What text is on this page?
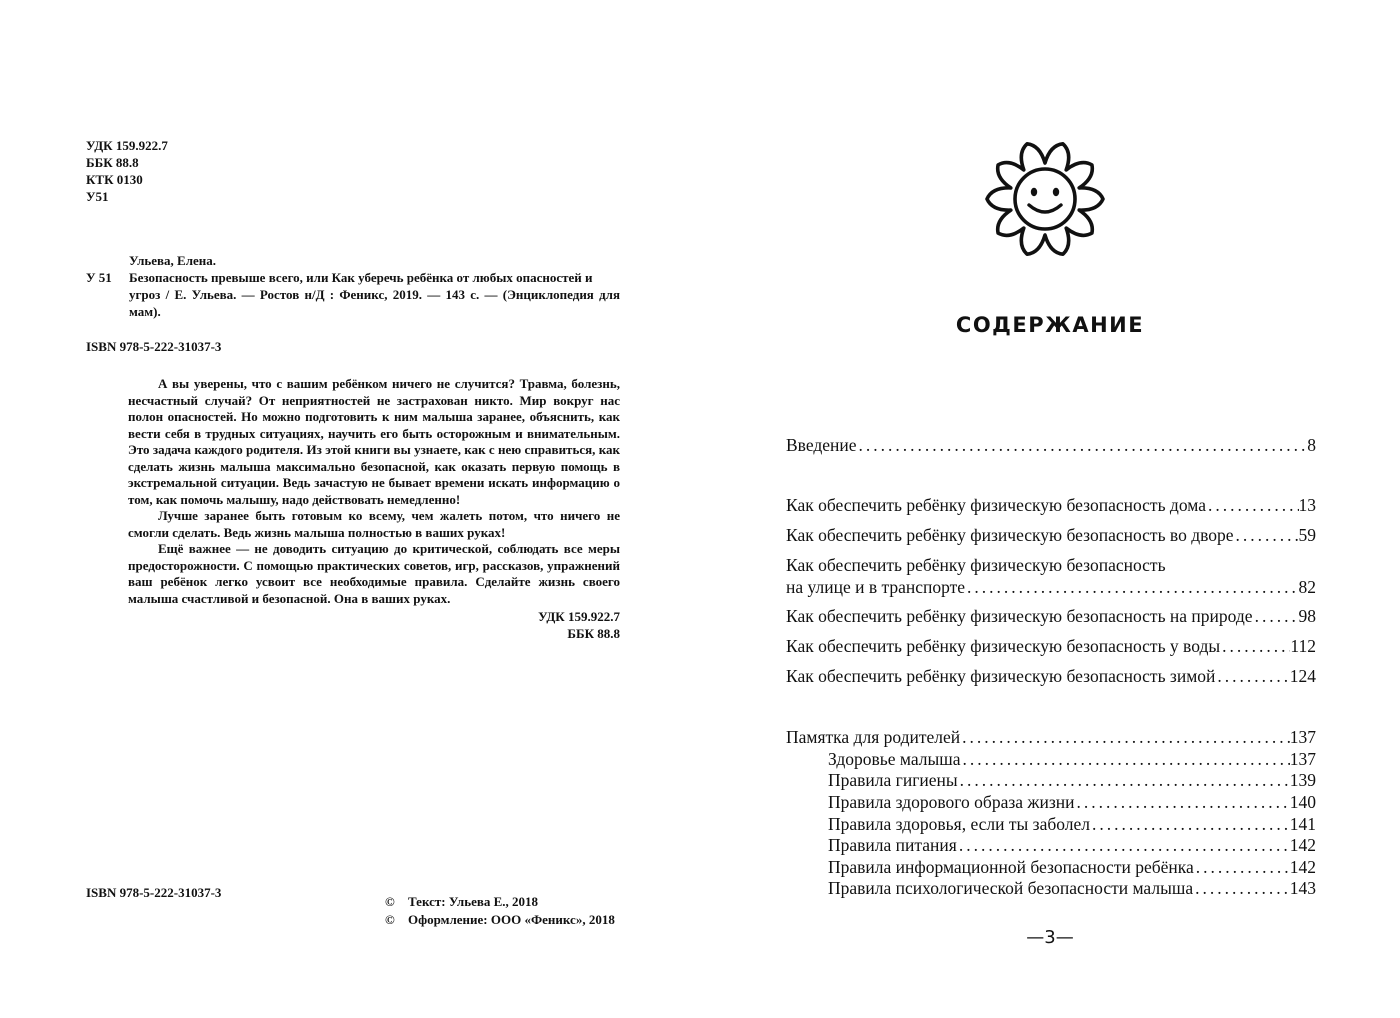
УДК 159.922.7
ББК 88.8
КТК 0130
У51
Ульева, Елена.
У 51	Безопасность превыше всего, или Как уберечь ребёнка от любых опасностей и
угроз / Е. Ульева. — Ростов н/Д : Феникс, 2019. — 143 с. — (Энциклопедия для мам).
ISBN 978-5-222-31037-3

А вы уверены, что с вашим ребёнком ничего не случится? Травма, болезнь, несчастный случай? От неприятностей не застрахован никто. Мир вокруг нас полон опасностей. Но можно подготовить к ним малыша заранее, объяснить, как вести себя в трудных ситуациях, научить его быть осторожным и внимательным. Это задача каждого родителя. Из этой книги вы узнаете, как с нею справиться, как сделать жизнь малыша максимально безопасной, как оказать первую помощь в экстремальной ситуации. Ведь зачастую не бывает времени искать информацию о том, как помочь малышу, надо действовать немедленно!

Лучше заранее быть готовым ко всему, чем жалеть потом, что ничего не смогли сделать. Ведь жизнь малыша полностью в ваших руках!

Ещё важнее — не доводить ситуацию до критической, соблюдать все меры предосторожности. С помощью практических советов, игр, рассказов, упражнений ваш ребёнок легко усвоит все необходимые правила. Сделайте жизнь своего малыша счастливой и безопасной. Она в ваших руках.

УДК 159.922.7
ББК 88.8
ISBN 978-5-222-31037-3
© Текст: Ульева Е., 2018
© Оформление: ООО «Феникс», 2018
СОДЕРЖАНИЕ
Введение .....	8
Как обеспечить ребёнку физическую безопасность дома .....	13
Как обеспечить ребёнку физическую безопасность во дворе .....	59
Как обеспечить ребёнку физическую безопасность
на улице и в транспорте .....	82
Как обеспечить ребёнку физическую безопасность на природе .....	98
Как обеспечить ребёнку физическую безопасность у воды .....	112
Как обеспечить ребёнку физическую безопасность зимой .....	124
Памятка для родителей .....	137
Здоровье малыша .....	137
Правила гигиены .....	139
Правила здорового образа жизни .....	140
Правила здоровья, если ты заболел .....	141
Правила питания .....	142
Правила информационной безопасности ребёнка .....	142
Правила психологической безопасности малыша .....	143
—3—
